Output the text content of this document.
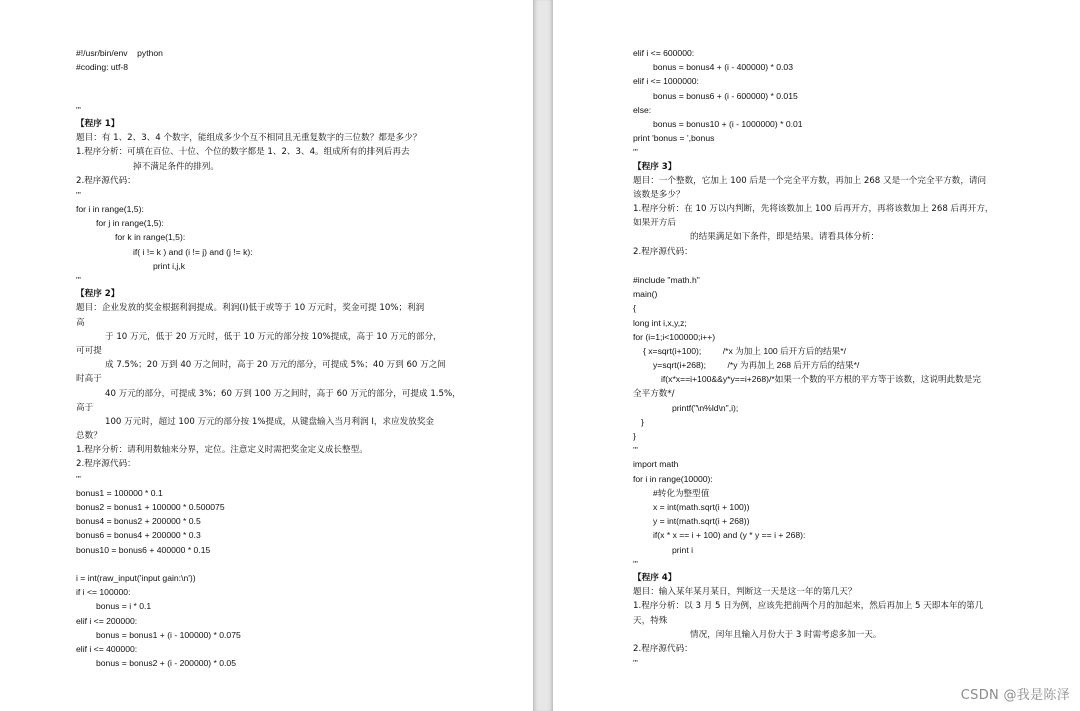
#!/usr/bin/env    python
#coding: utf-8
'''
【程序 1】
题目：有 1、2、3、4 个数字，能组成多少个互不相同且无重复数字的三位数？都是多少？
1.程序分析：可填在百位、十位、个位的数字都是 1、2、3、4。组成所有的排列后再去
掉不满足条件的排列。
2.程序源代码：
'''
for i in range(1,5):
for j in range(1,5):
for k in range(1,5):
if( i != k ) and (i != j) and (j != k):
print i,j,k
'''
【程序 2】
题目：企业发放的奖金根据利润提成。利润(I)低于或等于 10 万元时，奖金可提 10%；利润
高
于 10 万元，低于 20 万元时，低于 10 万元的部分按 10%提成，高于 10 万元的部分，
可可提
成 7.5%；20 万到 40 万之间时，高于 20 万元的部分，可提成 5%；40 万到 60 万之间
时高于
40 万元的部分，可提成 3%；60 万到 100 万之间时，高于 60 万元的部分，可提成 1.5%，
高于
100 万元时，超过 100 万元的部分按 1%提成，从键盘输入当月利润 I，求应发放奖金
总数？
1.程序分析：请利用数轴来分界，定位。注意定义时需把奖金定义成长整型。
2.程序源代码：
'''
bonus1 = 100000 * 0.1
bonus2 = bonus1 + 100000 * 0.500075
bonus4 = bonus2 + 200000 * 0.5
bonus6 = bonus4 + 200000 * 0.3
bonus10 = bonus6 + 400000 * 0.15
i = int(raw_input('input gain:\n'))
if i <= 100000:
bonus = i * 0.1
elif i <= 200000:
bonus = bonus1 + (i - 100000) * 0.075
elif i <= 400000:
bonus = bonus2 + (i - 200000) * 0.05
elif i <= 600000:
bonus = bonus4 + (i - 400000) * 0.03
elif i <= 1000000:
bonus = bonus6 + (i - 600000) * 0.015
else:
bonus = bonus10 + (i - 1000000) * 0.01
print 'bonus = ',bonus
'''
【程序 3】
题目：一个整数，它加上 100 后是一个完全平方数，再加上 268 又是一个完全平方数，请问
该数是多少？
1.程序分析：在 10 万以内判断，先将该数加上 100 后再开方，再将该数加上 268 后再开方，
如果开方后
的结果满足如下条件，即是结果。请看具体分析：
2.程序源代码：
#include "math.h"
main()
{
long int i,x,y,z;
for (i=1;i<100000;i++)
{ x=sqrt(i+100);         /*x 为加上 100 后开方后的结果*/
y=sqrt(i+268);         /*y 为再加上 268 后开方后的结果*/
if(x*x==i+100&&y*y==i+268)/*如果一个数的平方根的平方等于该数，这说明此数是完
全平方数*/
printf("\n%ld\n",i);
}
}
'''
import math
for i in range(10000):
#转化为整型值
x = int(math.sqrt(i + 100))
y = int(math.sqrt(i + 268))
if(x * x == i + 100) and (y * y == i + 268):
print i
'''
【程序 4】
题目：输入某年某月某日，判断这一天是这一年的第几天？
1.程序分析：以 3 月 5 日为例，应该先把前两个月的加起来，然后再加上 5 天即本年的第几
天，特殊
情况，闰年且输入月份大于 3 时需考虑多加一天。
2.程序源代码：
'''
CSDN @我是陈泽
